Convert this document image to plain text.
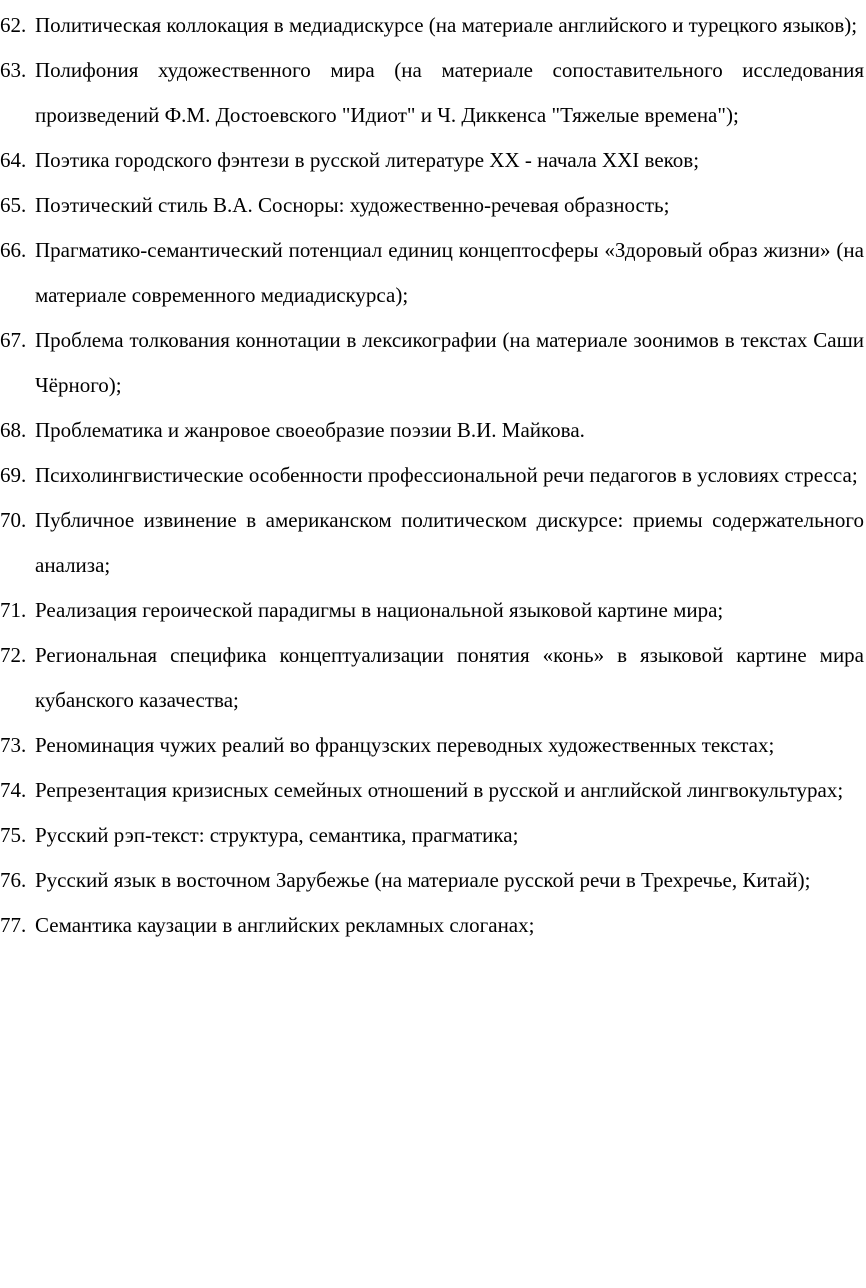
62. Политическая коллокация в медиадискурсе (на материале английского и турецкого языков);
63. Полифония художественного мира (на материале сопоставительного исследования произведений Ф.М. Достоевского "Идиот" и Ч. Диккенса "Тяжелые времена");
64. Поэтика городского фэнтези в русской литературе XX - начала XXI веков;
65. Поэтический стиль В.А. Сосноры: художественно-речевая образность;
66. Прагматико-семантический потенциал единиц концептосферы «Здоровый образ жизни» (на материале современного медиадискурса);
67. Проблема толкования коннотации в лексикографии (на материале зоонимов в текстах Саши Чёрного);
68. Проблематика и жанровое своеобразие поэзии В.И. Майкова.
69. Психолингвистические особенности профессиональной речи педагогов в условиях стресса;
70. Публичное извинение в американском политическом дискурсе: приемы содержательного анализа;
71. Реализация героической парадигмы в национальной языковой картине мира;
72. Региональная специфика концептуализации понятия «конь» в языковой картине мира кубанского казачества;
73. Реноминация чужих реалий во французских переводных художественных текстах;
74. Репрезентация кризисных семейных отношений в русской и английской лингвокультурах;
75. Русский рэп-текст: структура, семантика, прагматика;
76. Русский язык в восточном Зарубежье (на материале русской речи в Трехречье, Китай);
77. Семантика каузации в английских рекламных слоганах;
